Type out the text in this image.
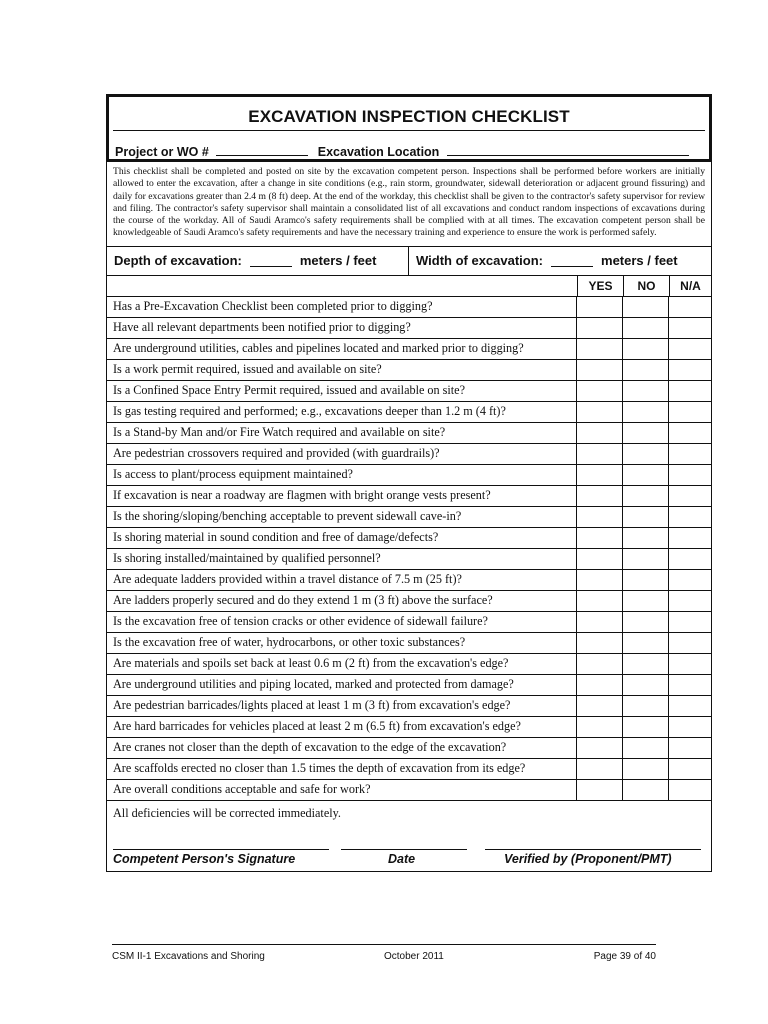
EXCAVATION INSPECTION CHECKLIST
Project or WO #	Excavation Location
This checklist shall be completed and posted on site by the excavation competent person. Inspections shall be performed before workers are initially allowed to enter the excavation, after a change in site conditions (e.g., rain storm, groundwater, sidewall deterioration or adjacent ground fissuring) and daily for excavations greater than 2.4 m (8 ft) deep. At the end of the workday, this checklist shall be given to the contractor's safety supervisor for review and filing. The contractor's safety supervisor shall maintain a consolidated list of all excavations and conduct random inspections of excavations during the course of the workday. All of Saudi Aramco's safety requirements shall be complied with at all times. The excavation competent person shall be knowledgeable of Saudi Aramco's safety requirements and have the necessary training and experience to ensure the work is performed safely.
Depth of excavation:	meters / feet	Width of excavation:	meters / feet
YES	NO	N/A
Has a Pre-Excavation Checklist been completed prior to digging?
Have all relevant departments been notified prior to digging?
Are underground utilities, cables and pipelines located and marked prior to digging?
Is a work permit required, issued and available on site?
Is a Confined Space Entry Permit required, issued and available on site?
Is gas testing required and performed; e.g., excavations deeper than 1.2 m (4 ft)?
Is a Stand-by Man and/or Fire Watch required and available on site?
Are pedestrian crossovers required and provided (with guardrails)?
Is access to plant/process equipment maintained?
If excavation is near a roadway are flagmen with bright orange vests present?
Is the shoring/sloping/benching acceptable to prevent sidewall cave-in?
Is shoring material in sound condition and free of damage/defects?
Is shoring installed/maintained by qualified personnel?
Are adequate ladders provided within a travel distance of 7.5 m (25 ft)?
Are ladders properly secured and do they extend 1 m (3 ft) above the surface?
Is the excavation free of tension cracks or other evidence of sidewall failure?
Is the excavation free of water, hydrocarbons, or other toxic substances?
Are materials and spoils set back at least 0.6 m (2 ft) from the excavation's edge?
Are underground utilities and piping located, marked and protected from damage?
Are pedestrian barricades/lights placed at least 1 m (3 ft) from excavation's edge?
Are hard barricades for vehicles placed at least 2 m (6.5 ft) from excavation's edge?
Are cranes not closer than the depth of excavation to the edge of the excavation?
Are scaffolds erected no closer than 1.5 times the depth of excavation from its edge?
Are overall conditions acceptable and safe for work?
All deficiencies will be corrected immediately.
Competent Person's Signature	Date	Verified by (Proponent/PMT)
CSM II-1 Excavations and Shoring	October 2011	Page 39 of 40
